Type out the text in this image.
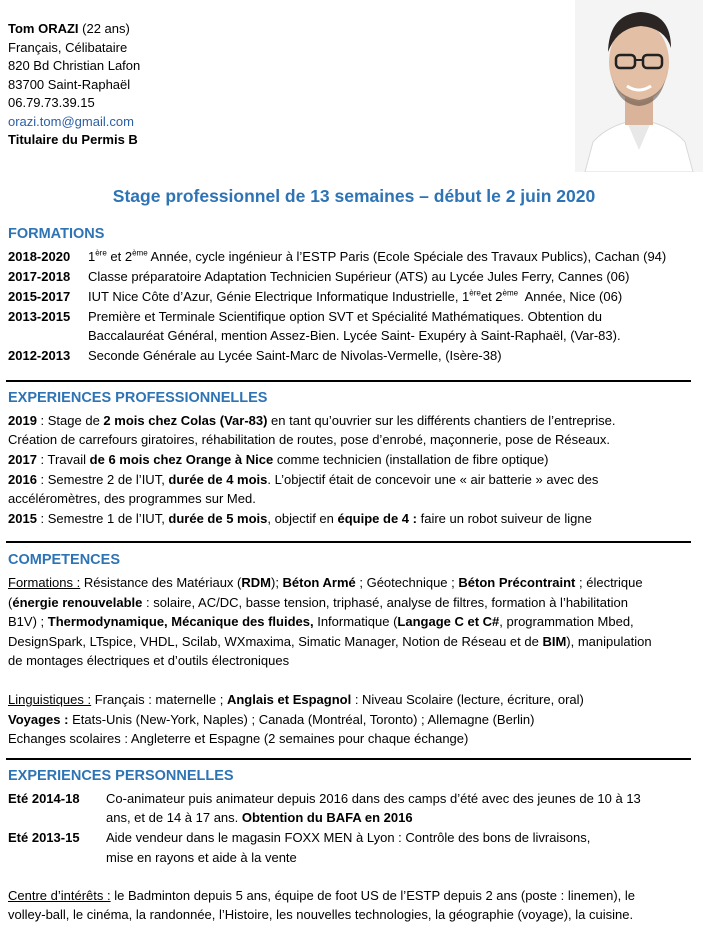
Tom ORAZI (22 ans)
Français, Célibataire
820 Bd Christian Lafon
83700 Saint-Raphaël
06.79.73.39.15
orazi.tom@gmail.com
Titulaire du Permis B
Stage professionnel de 13 semaines – début le 2 juin 2020
FORMATIONS
2018-2020 1ère et 2ème Année, cycle ingénieur à l’ESTP Paris (Ecole Spéciale des Travaux Publics), Cachan (94)
2017-2018 Classe préparatoire Adaptation Technicien Supérieur (ATS) au Lycée Jules Ferry, Cannes (06)
2015-2017 IUT Nice Côte d’Azur, Génie Electrique Informatique Industrielle, 1èreet 2ème  Année, Nice (06)
2013-2015 Première et Terminale Scientifique option SVT et Spécialité Mathématiques. Obtention du
Baccalauréat Général, mention Assez-Bien. Lycée Saint- Exupéry à Saint-Raphaël, (Var-83).
2012-2013 Seconde Générale au Lycée Saint-Marc de Nivolas-Vermelle, (Isère-38)
EXPERIENCES PROFESSIONNELLES
2019 : Stage de 2 mois chez Colas (Var-83) en tant qu’ouvrier sur les différents chantiers de l’entreprise.
Création de carrefours giratoires, réhabilitation de routes, pose d’enrobé, maçonnerie, pose de Réseaux.
2017 : Travail de 6 mois chez Orange à Nice comme technicien (installation de fibre optique)
2016 : Semestre 2 de l’IUT, durée de 4 mois. L’objectif était de concevoir une « air batterie » avec des
accéléromètres, des programmes sur Med.
2015 : Semestre 1 de l’IUT, durée de 5 mois, objectif en équipe de 4 : faire un robot suiveur de ligne
COMPETENCES
Formations : Résistance des Matériaux (RDM); Béton Armé ; Géotechnique ; Béton Précontraint ; électrique
(énergie renouvelable : solaire, AC/DC, basse tension, triphasé, analyse de filtres, formation à l’habilitation
B1V) ; Thermodynamique, Mécanique des fluides, Informatique (Langage C et C#, programmation Mbed,
DesignSpark, LTspice, VHDL, Scilab, WXmaxima, Simatic Manager, Notion de Réseau et de BIM), manipulation
de montages électriques et d’outils électroniques
Linguistiques : Français : maternelle ; Anglais et Espagnol : Niveau Scolaire (lecture, écriture, oral)
Voyages : Etats-Unis (New-York, Naples) ; Canada (Montréal, Toronto) ; Allemagne (Berlin)
Echanges scolaires : Angleterre et Espagne (2 semaines pour chaque échange)
EXPERIENCES PERSONNELLES
Eté 2014-18 Co-animateur puis animateur depuis 2016 dans des camps d’été avec des jeunes de 10 à 13
ans, et de 14 à 17 ans. Obtention du BAFA en 2016
Eté 2013-15 Aide vendeur dans le magasin FOXX MEN à Lyon : Contrôle des bons de livraisons,
mise en rayons et aide à la vente
Centre d’intérêts : le Badminton depuis 5 ans, équipe de foot US de l’ESTP depuis 2 ans (poste : linemen), le
volley-ball, le cinéma, la randonnée, l’Histoire, les nouvelles technologies, la géographie (voyage), la cuisine.
